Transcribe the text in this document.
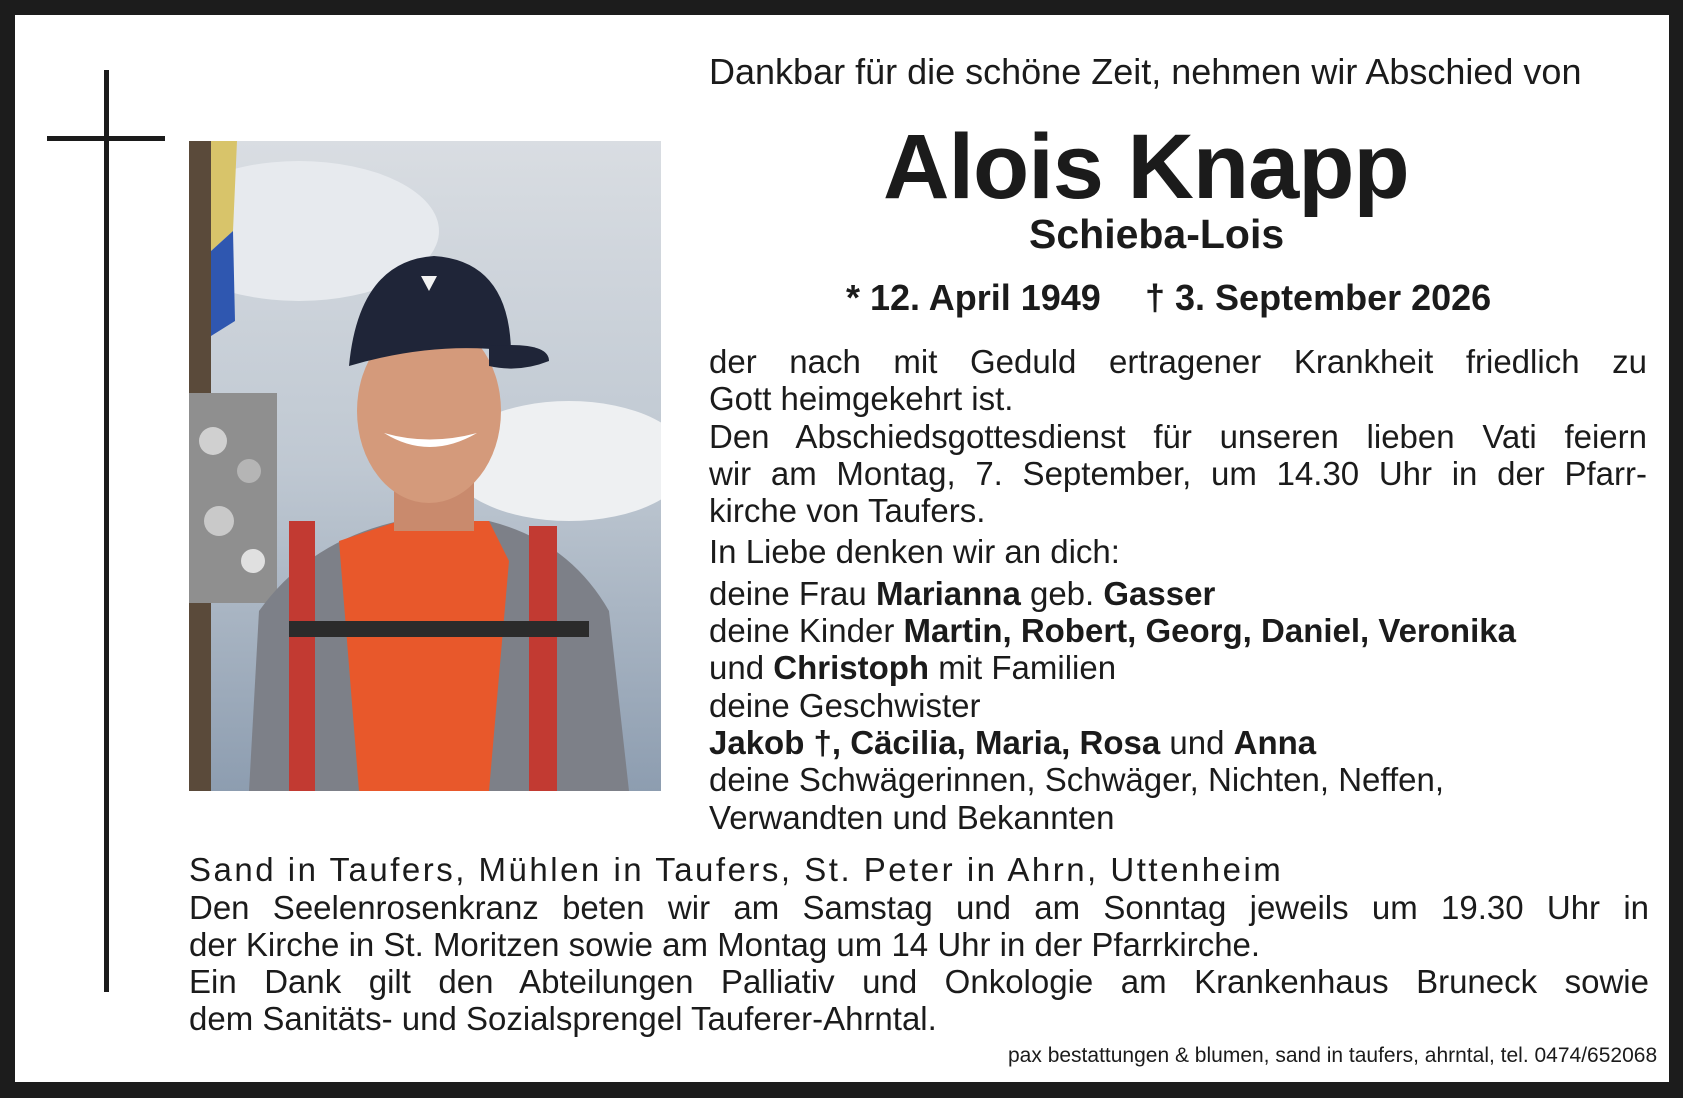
Dankbar für die schöne Zeit, nehmen wir Abschied von
Alois Knapp
Schieba-Lois
* 12. April 1949 † 3. September 2026

der nach mit Geduld ertragener Krankheit friedlich zu

Gott heimgekehrt ist.

Den Abschiedsgottesdienst für unseren lieben Vati feiern

wir am Montag, 7. September, um 14.30 Uhr in der Pfarr-

kirche von Taufers.

In Liebe denken wir an dich:

deine Frau Marianna geb. Gasser

deine Kinder Martin, Robert, Georg, Daniel, Veronika

und Christoph mit Familien

deine Geschwister

Jakob †, Cäcilia, Maria, Rosa und Anna

deine Schwägerinnen, Schwäger, Nichten, Neffen,

Verwandten und Bekannten

Sand in Taufers, Mühlen in Taufers, St. Peter in Ahrn, Uttenheim

Den Seelenrosenkranz beten wir am Samstag und am Sonntag jeweils um 19.30 Uhr in

der Kirche in St. Moritzen sowie am Montag um 14 Uhr in der Pfarrkirche.

Ein Dank gilt den Abteilungen Palliativ und Onkologie am Krankenhaus Bruneck sowie

dem Sanitäts- und Sozialsprengel Tauferer-Ahrntal.

pax bestattungen & blumen, sand in taufers, ahrntal, tel. 0474/652068
